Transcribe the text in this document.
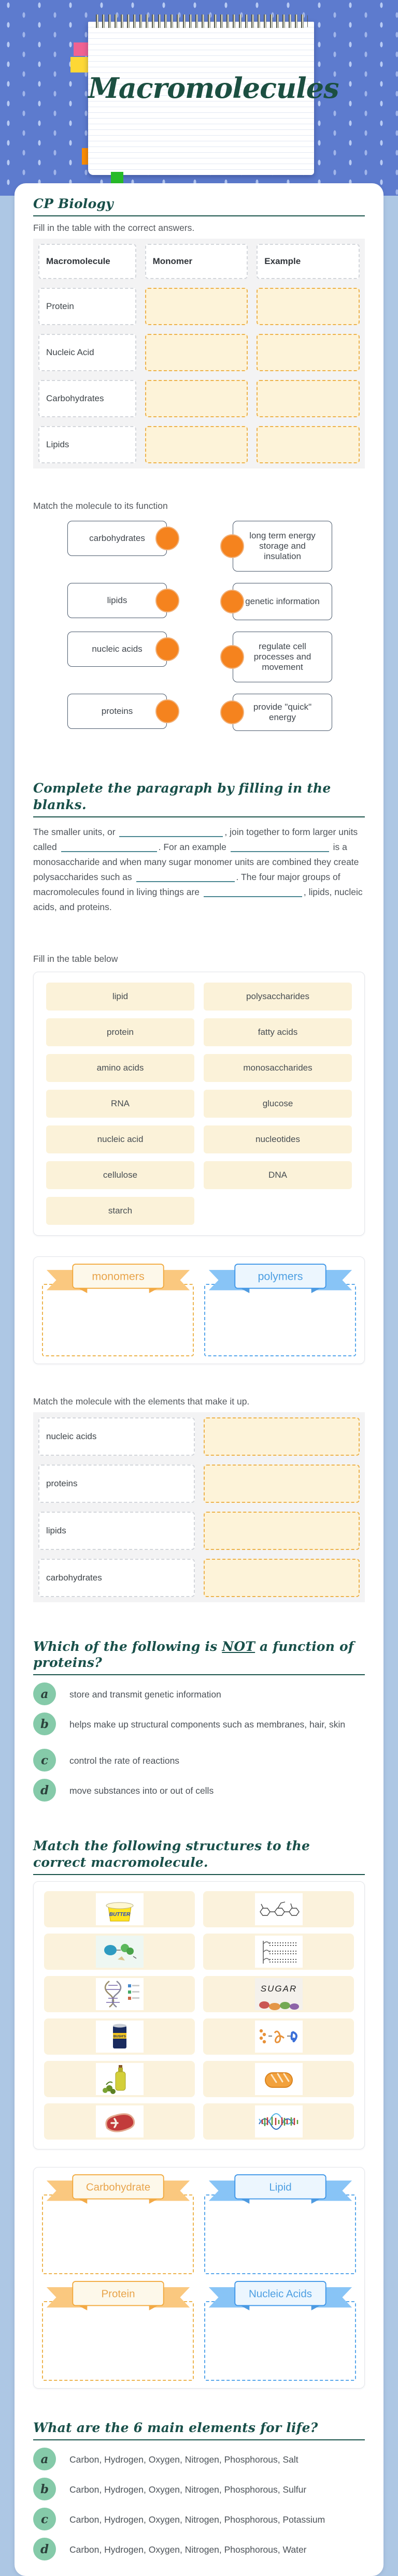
Macromolecules
CP Biology

Fill in the table with the correct answers.

Macromolecule	Monomer	Example
Protein
Nucleic Acid
Carbohydrates
Lipids

Match the molecule to its function

carbohydrates	long term energy storage and insulation
lipids	genetic information
nucleic acids	regulate cell processes and movement
proteins	provide "quick" energy
Complete the paragraph by filling in the blanks.

The smaller units, or	, join together to form larger units called	. For an example	is a monosaccharide and when many sugar monomer units are combined they create polysaccharides such as	. The four major groups of macromolecules found in living things are	, lipids, nucleic acids, and proteins.

Fill in the table below

lipid	polysaccharides
protein	fatty acids
amino acids	monosaccharides
RNA	glucose
nucleic acid	nucleotides
cellulose	DNA
starch
monomers	polymers

Match the molecule with the elements that make it up.

nucleic acids
proteins
lipids
carbohydrates
Which of the following is NOT a function of proteins?
a	store and transmit genetic information
b	helps make up structural components such as membranes, hair, skin
c	control the rate of reactions
d	move substances into or out of cells
Match the following structures to the correct macromolecule.
BUTTER
SUGAR
BUSH'S
Carbohydrate	Lipid
Protein	Nucleic Acids
What are the 6 main elements for life?
a	Carbon, Hydrogen, Oxygen, Nitrogen, Phosphorous, Salt
b	Carbon, Hydrogen, Oxygen, Nitrogen, Phosphorous, Sulfur
c	Carbon, Hydrogen, Oxygen, Nitrogen, Phosphorous, Potassium
d	Carbon, Hydrogen, Oxygen, Nitrogen, Phosphorous, Water
